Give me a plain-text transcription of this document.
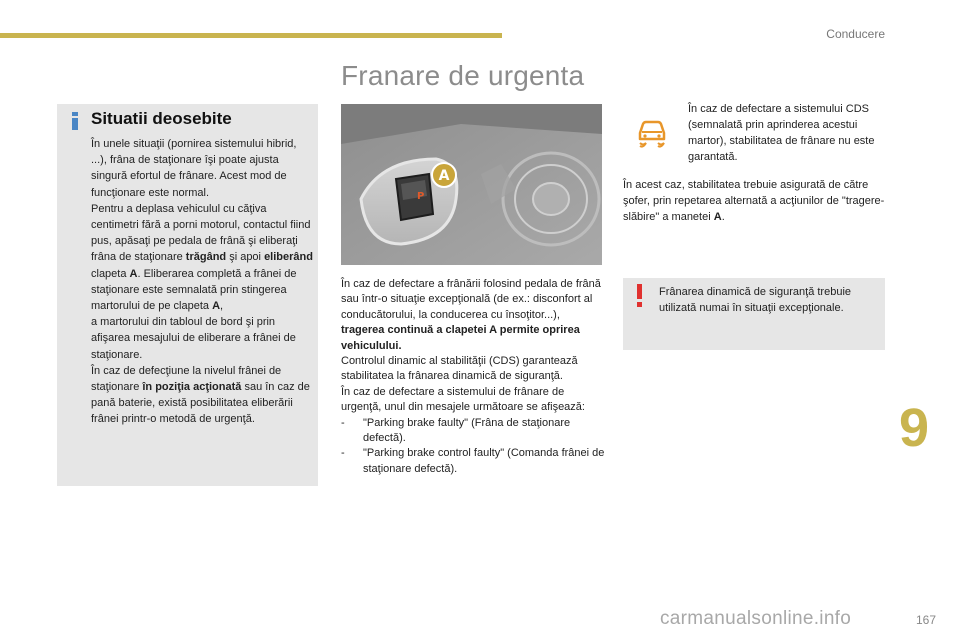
Conducere
Franare de urgenta
Situatii deosebite
În unele situaţii (pornirea sistemului hibrid, ...), frâna de staţionare îşi poate ajusta singură efortul de frânare. Acest mod de funcţionare este normal.
Pentru a deplasa vehiculul cu căţiva centimetri fără a porni motorul, contactul fiind pus, apăsaţi pe pedala de frână şi eliberaţi frâna de staţionare trăgând şi apoi eliberând clapeta A. Eliberarea completă a frânei de staţionare este semnalată prin stingerea martorului de pe clapeta A,
a martorului din tabloul de bord şi prin afişarea mesajului de eliberare a frânei de staţionare.
În caz de defecţiune la nivelul frânei de staţionare în poziţia acţionată sau în caz de pană baterie, există posibilitatea eliberării frânei printr-o metodă de urgenţă.
P
A
În caz de defectare a frânării folosind pedala de frână sau într-o situaţie excepţională (de ex.: disconfort al conducătorului, la conducerea cu însoţitor...), tragerea continuă a clapetei A permite oprirea vehiculului.
Controlul dinamic al stabilităţii (CDS) garantează stabilitatea la frânarea dinamică de siguranţă.
În caz de defectare a sistemului de frânare de urgenţă, unul din mesajele următoare se afişează:
-	"Parking brake faulty" (Frâna de staţionare defectă).
-	"Parking brake control faulty" (Comanda frânei de staţionare defectă).
În caz de defectare a sistemului CDS (semnalată prin aprinderea acestui martor), stabilitatea de frânare nu este garantată.
În acest caz, stabilitatea trebuie asigurată de către şofer, prin repetarea alternată a acţiunilor de "tragere-slăbire" a manetei A.
Frânarea dinamică de siguranţă trebuie utilizată numai în situaţii excepţionale.
9
carmanualsonline.info	167
